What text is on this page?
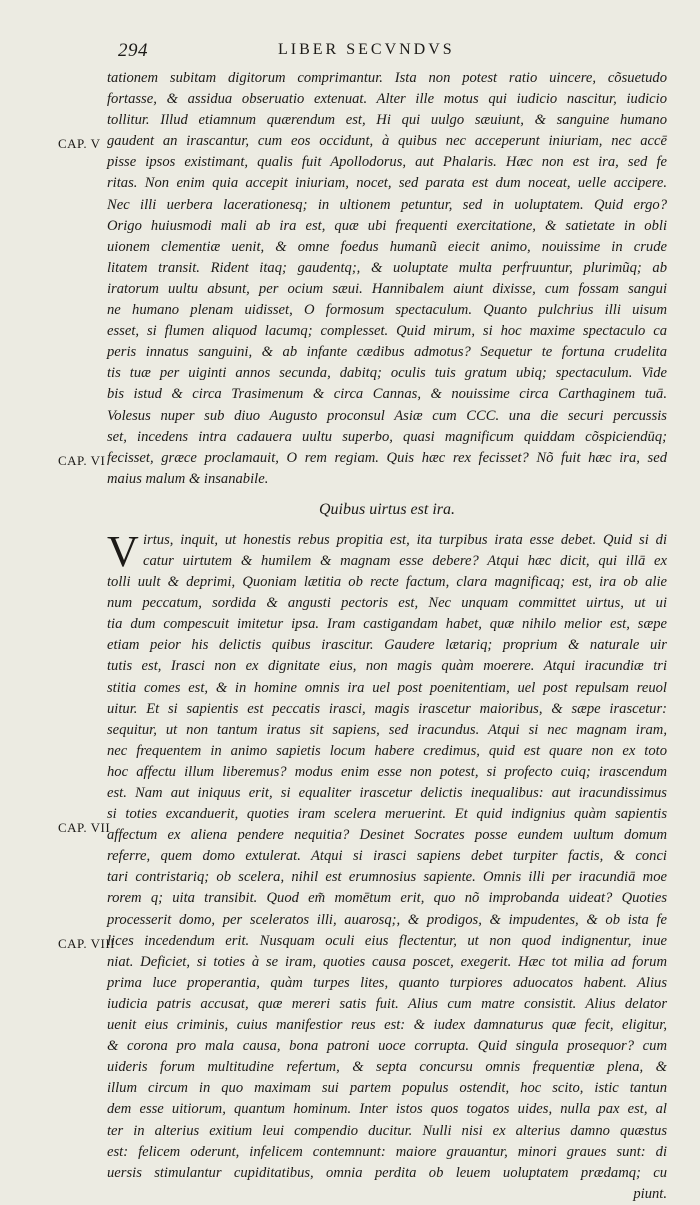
294	LIBER SECVNDVS
CAP. V
CAP. VI
CAP. VII
CAP. VIII
tationem subitam digitorum comprimantur. Ista non potest ratio uincere, cõsuetudo
fortasse, & assidua obseruatio extenuat. Alter ille motus qui iudicio nascitur, iudicio
tollitur. Illud etiamnum quærendum est, Hi qui uulgo sæuiunt, & sanguine humano
gaudent an irascantur, cum eos occidunt, à quibus nec acceperunt iniuriam, nec accē
pisse ipsos existimant, qualis fuit Apollodorus, aut Phalaris. Hæc non est ira, sed fe
ritas. Non enim quia accepit iniuriam, nocet, sed parata est dum noceat, uelle accipere.
Nec illi uerbera lacerationesq; in ultionem petuntur, sed in uoluptatem. Quid ergo?
Origo huiusmodi mali ab ira est, quæ ubi frequenti exercitatione, & satietate in obli
uionem clementiæ uenit, & omne foedus humanũ eiecit animo, nouissime in crude
litatem transit. Rident itaq; gaudentq;, & uoluptate multa perfruuntur, plurimũq; ab
iratorum uultu absunt, per ocium sæui. Hannibalem aiunt dixisse, cum fossam sangui
ne humano plenam uidisset, O formosum spectaculum. Quanto pulchrius illi uisum
esset, si flumen aliquod lacumq; complesset. Quid mirum, si hoc maxime spectaculo ca
peris innatus sanguini, & ab infante cædibus admotus? Sequetur te fortuna crudelita
tis tuæ per uiginti annos secunda, dabitq; oculis tuis gratum ubiq; spectaculum. Vide
bis istud & circa Trasimenum & circa Cannas, & nouissime circa Carthaginem tuā.
Volesus nuper sub diuo Augusto proconsul Asiæ cum CCC. una die securi percussis
set, incedens intra cadauera uultu superbo, quasi magnificum quiddam cõspiciendūq;
fecisset, græce proclamauit, O rem regiam. Quis hæc rex fecisset? Nõ fuit hæc ira, sed
maius malum & insanabile.
Quibus uirtus est ira.
V irtus, inquit, ut honestis rebus propitia est, ita turpibus irata esse debet. Quid si di
catur uirtutem & humilem & magnam esse debere? Atqui hæc dicit, qui illā ex
tolli uult & deprimi, Quoniam lætitia ob recte factum, clara magnificaq; est, ira ob alie
num peccatum, sordida & angusti pectoris est, Nec unquam committet uirtus, ut ui
tia dum compescuit imitetur ipsa. Iram castigandam habet, quæ nihilo melior est, sæpe
etiam peior his delictis quibus irascitur. Gaudere lætariq; proprium & naturale uir
tutis est, Irasci non ex dignitate eius, non magis quàm moerere. Atqui iracundiæ tri
stitia comes est, & in homine omnis ira uel post poenitentiam, uel post repulsam reuol
uitur. Et si sapientis est peccatis irasci, magis irascetur maioribus, & sæpe irascetur:
sequitur, ut non tantum iratus sit sapiens, sed iracundus. Atqui si nec magnam iram,
nec frequentem in animo sapietis locum habere credimus, quid est quare non ex toto
hoc affectu illum liberemus? modus enim esse non potest, si profecto cuiq; irascendum
est. Nam aut iniquus erit, si equaliter irascetur delictis inequalibus: aut iracundissimus
si toties excanduerit, quoties iram scelera meruerint. Et quid indignius quàm sapientis
affectum ex aliena pendere nequitia? Desinet Socrates posse eundem uultum domum
referre, quem domo extulerat. Atqui si irasci sapiens debet turpiter factis, & conci
tari contristariq; ob scelera, nihil est erumnosius sapiente. Omnis illi per iracundiā moe
rorem q; uita transibit. Quod em̃ momētum erit, quo nõ improbanda uideat? Quoties
processerit domo, per sceleratos illi, auarosq;, & prodigos, & impudentes, & ob ista fe
lices incedendum erit. Nusquam oculi eius flectentur, ut non quod indignentur, inue
niat. Deficiet, si toties à se iram, quoties causa poscet, exegerit. Hæc tot milia ad forum
prima luce properantia, quàm turpes lites, quanto turpiores aduocatos habent. Alius
iudicia patris accusat, quæ mereri satis fuit. Alius cum matre consistit. Alius delator
uenit eius criminis, cuius manifestior reus est: & iudex damnaturus quæ fecit, eligitur,
& corona pro mala causa, bona patroni uoce corrupta. Quid singula prosequor? cum
uideris forum multitudine refertum, & septa concursu omnis frequentiæ plena, &
illum circum in quo maximam sui partem populus ostendit, hoc scito, istic tantun
dem esse uitiorum, quantum hominum. Inter istos quos togatos uides, nulla pax est, al
ter in alterius exitium leui compendio ducitur. Nulli nisi ex alterius damno quæstus
est: felicem oderunt, infelicem contemnunt: maiore grauantur, minori graues sunt: di
uersis stimulantur cupiditatibus, omnia perdita ob leuem uoluptatem prædamq; cu
piunt.
